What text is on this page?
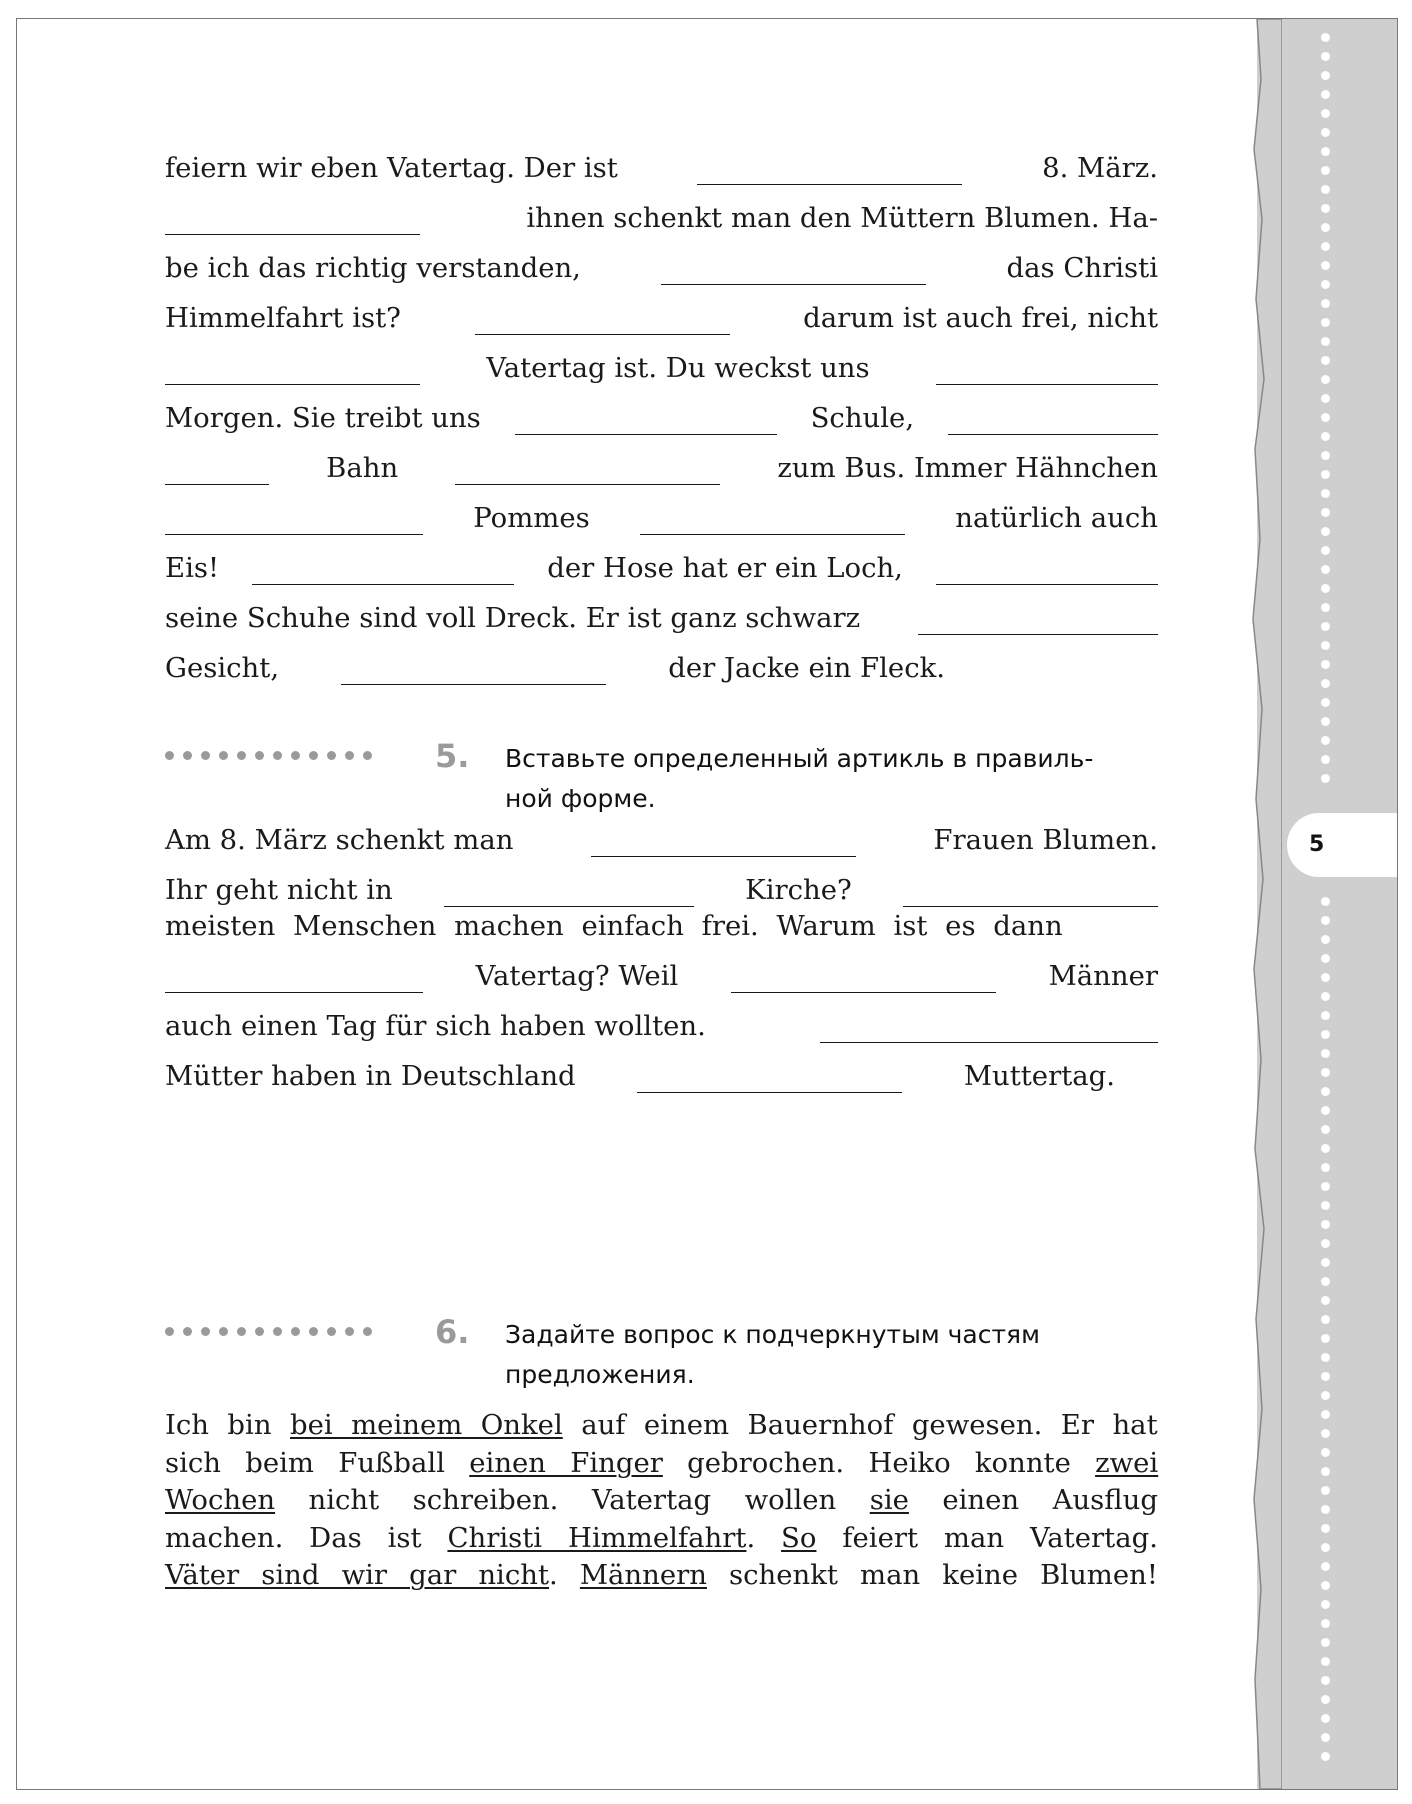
5
feiern wir eben Vatertag. Der ist	8. März.
ihnen schenkt man den Müttern Blumen. Ha-
be ich das richtig verstanden,	das Christi
Himmelfahrt ist?	darum ist auch frei, nicht
Vatertag ist. Du weckst uns
Morgen. Sie treibt uns	Schule,
Bahn	zum Bus. Immer Hähnchen
Pommes	natürlich auch
Eis!	der Hose hat er ein Loch,
seine Schuhe sind voll Dreck. Er ist ganz schwarz
Gesicht,	der Jacke ein Fleck.
5. Вставьте определенный артикль в правиль-
ной форме.
Am 8. März schenkt man	Frauen Blumen.
Ihr geht nicht in	Kirche?
meisten Menschen machen einfach frei. Warum ist es dann
Vatertag? Weil	Männer
auch einen Tag für sich haben wollten.
Mütter haben in Deutschland	Muttertag.
6. Задайте вопрос к подчеркнутым частям
предложения.

Ich bin bei meinem Onkel auf einem Bauernhof gewesen. Er hat

sich beim Fußball einen Finger gebrochen. Heiko konnte zwei

Wochen nicht schreiben. Vatertag wollen sie einen Ausflug

machen. Das ist Christi Himmelfahrt. So feiert man Vatertag.

Väter sind wir gar nicht. Männern schenkt man keine Blumen!
